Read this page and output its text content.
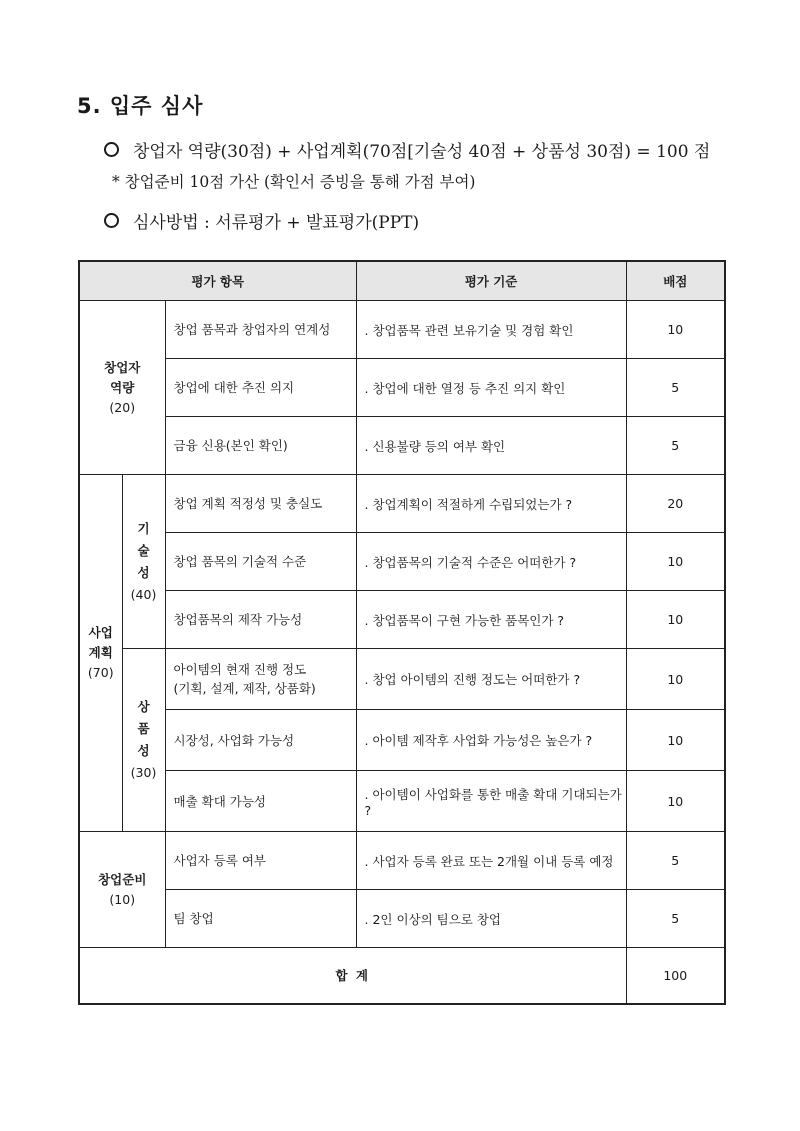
5. 입주 심사
창업자 역량(30점) + 사업계획(70점[기술성 40점 + 상품성 30점) = 100 점
* 창업준비 10점 가산 (확인서 증빙을 통해 가점 부여)
심사방법 : 서류평가 + 발표평가(PPT)
평가 항목			평가 기준	배점

창업자
역량
(20)		창업 품목과 창업자의 연계성	. 창업품목 관련 보유기술 및 경험 확인	10
		창업에 대한 추진 의지	. 창업에 대한 열정 등 추진 의지 확인	5
		금융 신용(본인 확인)	. 신용불량 등의 여부 확인	5

사업
계획
(70)	기
술
성
(40)	창업 계획 적정성 및 충실도	. 창업계획이 적절하게 수립되었는가 ?	20
		창업 품목의 기술적 수준	. 창업품목의 기술적 수준은 어떠한가 ?	10
		창업품목의 제작 가능성	. 창업품목이 구현 가능한 품목인가 ?	10

	상
품
성
(30)	아이템의 현재 진행 정도
(기획, 설계, 제작, 상품화)	. 창업 아이템의 진행 정도는 어떠한가 ?	10
		시장성, 사업화 가능성	. 아이템 제작후 사업화 가능성은 높은가 ?	10
		매출 확대 가능성	. 아이템이 사업화를 통한 매출 확대 기대되는가 ?	10

창업준비
(10)		사업자 등록 여부	. 사업자 등록 완료 또는 2개월 이내 등록 예정	5
		팀 창업	. 2인 이상의 팀으로 창업	5
합 계				100
